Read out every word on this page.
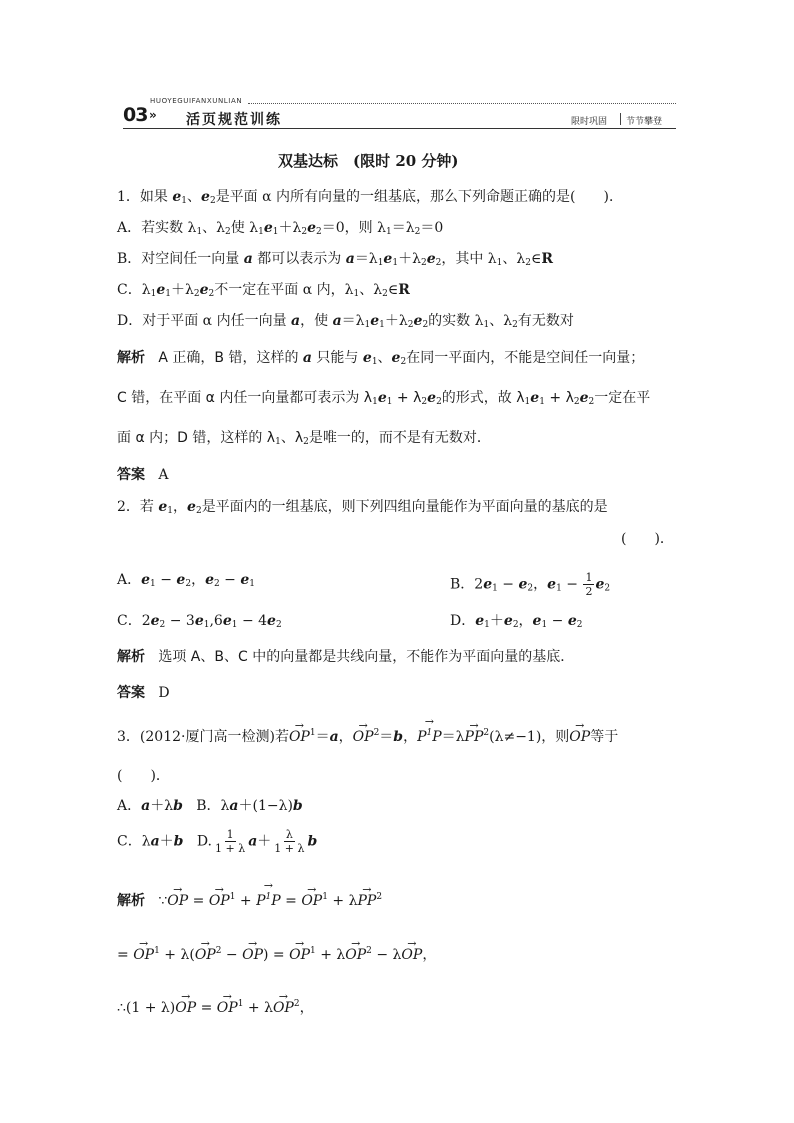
03 »
HUOYEGUIFANXUNLIAN
活页规范训练	限时巩固 节节攀登
双基达标　(限时 20 分钟)
1．如果 $e_1$、$e_2$是平面 α 内所有向量的一组基底，那么下列命题正确的是(　　)．
A．若实数 $\lambda_1$、$\lambda_2$使 $\lambda_1e_1+\lambda_2e_2=0$，则 $\lambda_1=\lambda_2=0$
B．对空间任一向量 a 都可以表示为 $a=\lambda_1e_1+\lambda_2e_2$，其中 $\lambda_1$、$\lambda_2\in R$
C．$\lambda_1e_1+\lambda_2e_2$不一定在平面 α 内，$\lambda_1$、$\lambda_2\in R$
D．对于平面 α 内任一向量 a，使 $a=\lambda_1e_1+\lambda_2e_2$的实数 $\lambda_1$、$\lambda_2$有无数对
解析 A 正确，B 错，这样的 a 只能与 $e_1$、$e_2$在同一平面内，不能是空间任一向量；
C 错，在平面 α 内任一向量都可表示为 $\lambda_1e_1 + \lambda_2e_2$的形式，故 $\lambda_1e_1 + \lambda_2e_2$一定在平
面 α 内；D 错，这样的 $\lambda_1$、$\lambda_2$是唯一的，而不是有无数对．
答案 A
2．若 $e_1$，$e_2$是平面内的一组基底，则下列四组向量能作为平面向量的基底的是
(　　)．
A．$e_1 - e_2$，$e_2 - e_1$	B．$2e_1 - e_2$，$e_1 - \frac{1}{2} e_2$
C．$2e_2 - 3e_1,6e_1 - 4e_2$	D．$e_1+e_2$，$e_1 - e_2$
解析 选项 A、B、C 中的向量都是共线向量，不能作为平面向量的基底．
答案 D
3．(2012·厦门高一检测)若→ $OP^1=a$，→ $OP^2=b$，→ $P^1P=\lambda\to PP^2(\lambda\ne-1)$，则→ OP等于
(　　)．
A．a＋λb B．λa＋(1−λ)b
C．λa＋b D. $\frac{1}{1 + \lambda} a+ \frac{\lambda}{1 + \lambda}$ b
解析 ∵→ OP = → $OP^1$ + → $P^1P$ = → $OP^1 + \lambda\to PP^2$
= → $OP^1 + \lambda(\to OP^2$ − → OP) = → $OP^1 + \lambda\to OP^2 - \lambda\to$ OP，
∴(1 + λ)→ OP = → $OP^1 + \lambda\to OP^2$，
